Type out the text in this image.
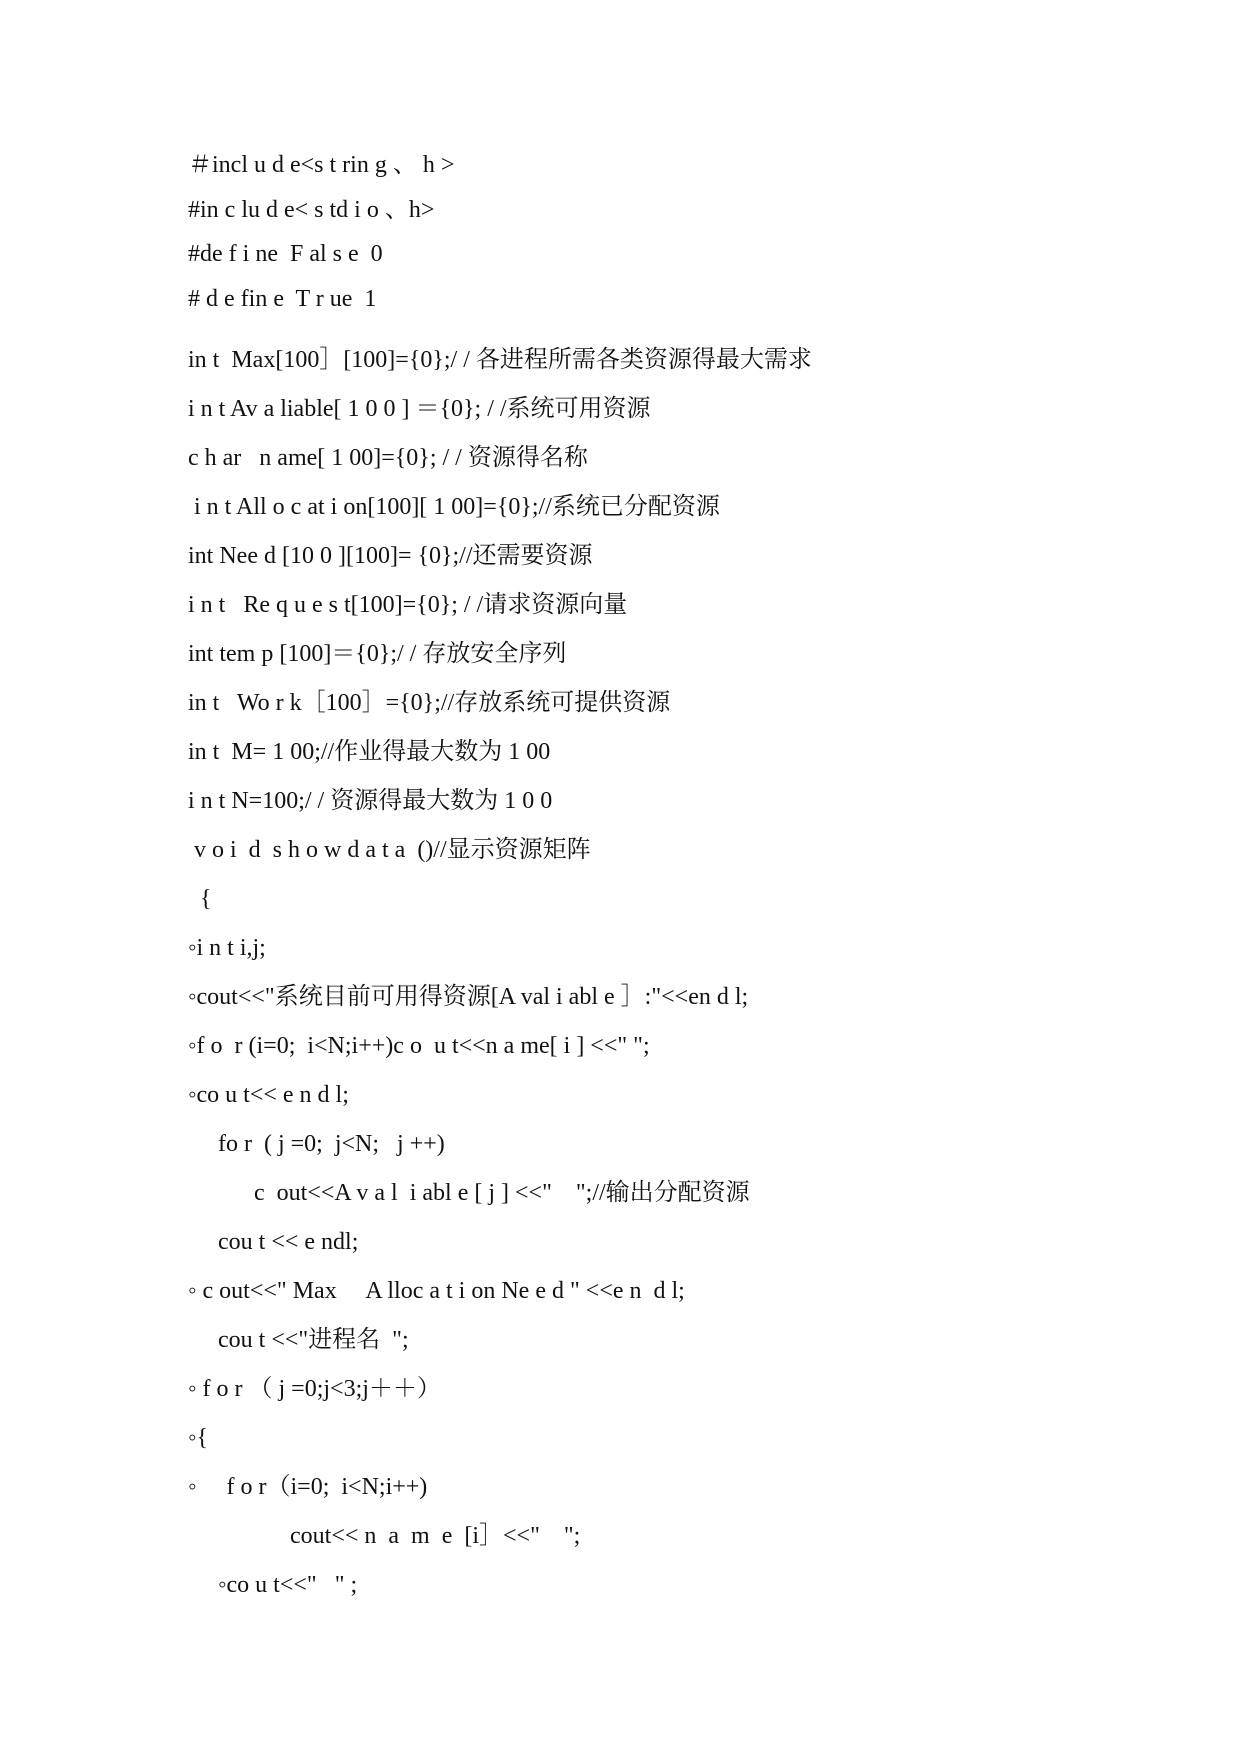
＃incl u d e<s t rin g 、 h >
#in c lu d e< s td i o 、h>
#de f i ne  F al s e  0
# d e fin e  T r ue  1
in t  Max[100］[100]={0};/ / 各进程所需各类资源得最大需求
i n t Av a liable[ 1 0 0 ] ＝{0}; / /系统可用资源
c h ar   n ame[ 1 00]={0}; / / 资源得名称
i n t All o c at i on[100][ 1 00]={0};//系统已分配资源
int Nee d [10 0 ][100]= {0};//还需要资源
i n t   Re q u e s t[100]={0}; / /请求资源向量
int tem p [100]＝{0};/ / 存放安全序列
in t   Wo r k［100］={0};//存放系统可提供资源
in t  M= 1 00;//作业得最大数为 1 00
i n t N=100;/ / 资源得最大数为 1 0 0
v o i  d  s h o w d a t a  ()//显示资源矩阵
{
◦i n t i,j;
◦cout<<"系统目前可用得资源[A val i abl e ］:"<<en d l;
◦f o  r (i=0;  i<N;i++)c o  u t<<n a me[ i ] <<" ";
◦co u t<< e n d l;
fo r  ( j =0;  j<N;   j ++)
c  out<<A v a l  i abl e [ j ] <<"    ";//输出分配资源
cou t << e ndl;
◦ c out<<" Max     A lloc a t i on Ne e d " <<e n  d l;
cou t <<"进程名  ";
◦ f o r （ j =0;j<3;j＋＋）
◦{
◦     f o r（i=0;  i<N;i++)
cout<< n  a  m  e  [i］<<"    ";
◦co u t<<"   " ;
